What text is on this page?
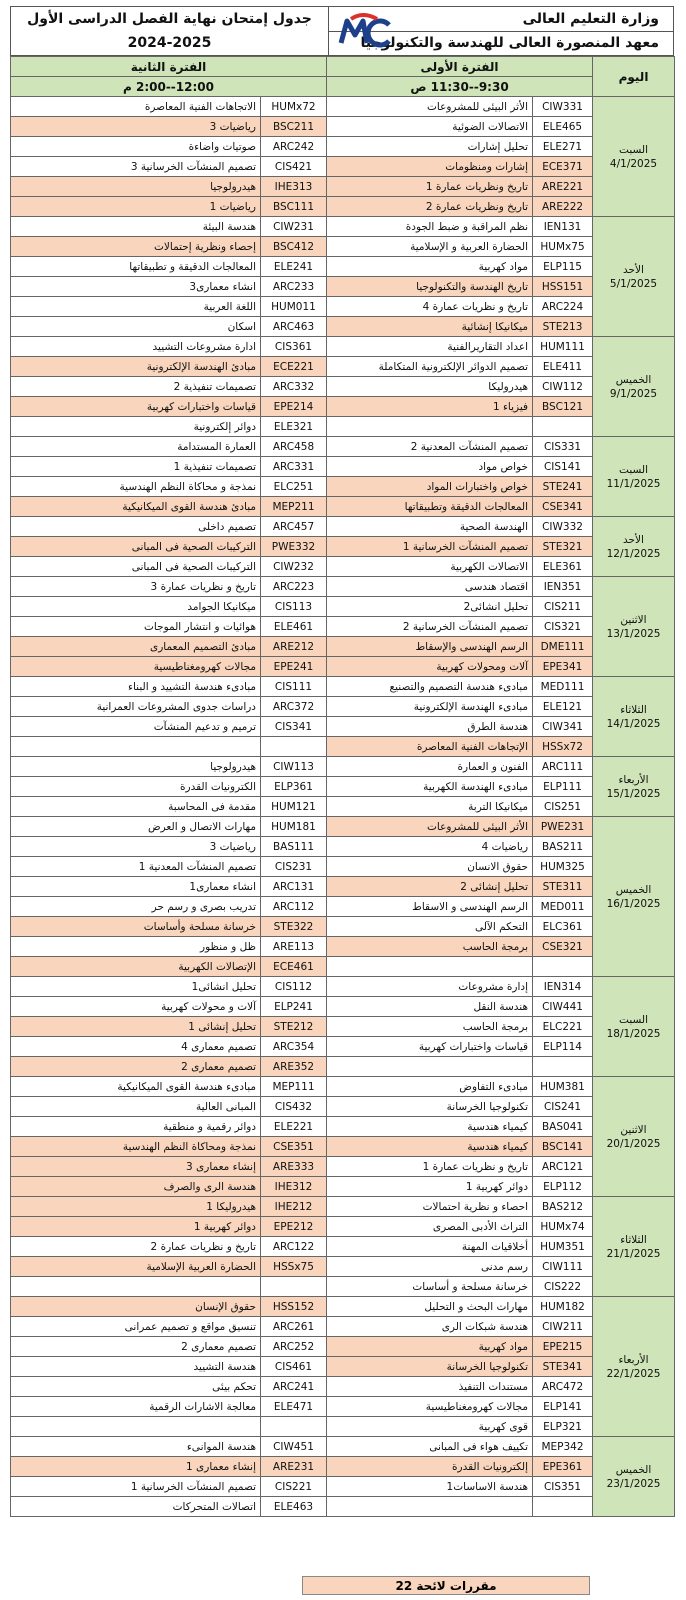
وزارة التعليم العالى
معهد المنصورة العالى للهندسة والتكنولوجيا
جدول إمتحان نهاية الفصل الدراسى الأول
2024-2025
اليوم	الفترة الأولى		الفترة الثانية	
	9:30--11:30 ص		12:00--2:00 م	

السبت
4/1/2025	CIW331	الأثر البيئى للمشروعات	HUMx72	الاتجاهات الفنية المعاصرة
	ELE465	الاتصالات الضوئية	BSC211	رياضيات 3
	ELE271	تحليل إشارات	ARC242	صوتيات واضاءة
	ECE371	إشارات ومنظومات	CIS421	تصميم المنشآت الخرسانية 3
	ARE221	تاريخ ونظريات عمارة 1	IHE313	هيدرولوجيا
	ARE222	تاريخ ونظريات عمارة 2	BSC111	رياضيات 1

الأحد
5/1/2025	IEN131	نظم المراقبة و ضبط الجودة	CIW231	هندسة البيئة
	HUMx75	الحضارة العربية و الإسلامية	BSC412	إحصاء ونظرية إحتمالات
	ELP115	مواد كهربية	ELE241	المعالجات الدقيقة و تطبيقاتها
	HSS151	تاريخ الهندسة والتكنولوجيا	ARC233	انشاء معمارى3
	ARC224	تاريخ و نظريات عمارة 4	HUM011	اللغة العربية
	STE213	ميكانيكا إنشائية	ARC463	اسكان

الخميس
9/1/2025	HUM111	اعداد التقاريرالفنية	CIS361	ادارة مشروعات التشييد
	ELE411	تصميم الدوائر الإلكترونية المتكاملة	ECE221	مبادئ الهندسة الإلكترونية
	CIW112	هيدروليكا	ARC332	تصميمات تنفيذية 2
	BSC121	فيزياء 1	EPE214	قياسات واختبارات كهربية
			ELE321	دوائر إلكترونية

السبت
11/1/2025	CIS331	تصميم المنشآت المعدنية 2	ARC458	العمارة المستدامة
	CIS141	خواص مواد	ARC331	تصميمات تنفيذية 1
	STE241	خواص واختبارات المواد	ELC251	نمذجة و محاكاة النظم الهندسية
	CSE341	المعالجات الدقيقة وتطبيقاتها	MEP211	مبادئ هندسة القوى الميكانيكية

الأحد
12/1/2025	CIW332	الهندسة الصحية	ARC457	تصميم داخلى
	STE321	تصميم المنشآت الخرسانية 1	PWE332	التركيبات الصحية فى المبانى
	ELE361	الاتصالات الكهربية	CIW232	التركيبات الصحية فى المبانى

الاثنين
13/1/2025	IEN351	اقتصاد هندسى	ARC223	تاريخ و نظريات عمارة 3
	CIS211	تحليل انشائى2	CIS113	ميكانيكا الجوامد
	CIS321	تصميم المنشآت الخرسانية 2	ELE461	هوائيات و انتشار الموجات
	DME111	الرسم الهندسى والإسقاط	ARE212	مبادئ التصميم المعمارى
	EPE341	آلات ومحولات كهربية	EPE241	مجالات كهرومغناطيسية

الثلاثاء
14/1/2025	MED111	مبادىء هندسة التصميم والتصنيع	CIS111	مبادىء هندسة التشييد و البناء
	ELE121	مبادىء الهندسة الإلكترونية	ARC372	دراسات جدوى المشروعات العمرانية
	CIW341	هندسة الطرق	CIS341	ترميم و تدعيم المنشآت
	HSSx72	الإتجاهات الفنية المعاصرة		

الأربعاء
15/1/2025	ARC111	الفنون و العمارة	CIW113	هيدرولوجيا
	ELP111	مبادىء الهندسة الكهربية	ELP361	الكترونيات القدرة
	CIS251	ميكانيكا التربة	HUM121	مقدمة فى المحاسبة

الخميس
16/1/2025	PWE231	الأثر البيئى للمشروعات	HUM181	مهارات الاتصال و العرض
	BAS211	رياضيات 4	BAS111	رياضيات 3
	HUM325	حقوق الانسان	CIS231	تصميم المنشآت المعدنية 1
	STE311	تحليل إنشائى 2	ARC131	انشاء معمارى1
	MED011	الرسم الهندسى و الاسقاط	ARC112	تدريب بصرى و رسم حر
	ELC361	التحكم الآلى	STE322	خرسانة مسلحة وأساسات
	CSE321	برمجة الحاسب	ARE113	ظل و منظور
			ECE461	الإتصالات الكهربية

السبت
18/1/2025	IEN314	إدارة مشروعات	CIS112	تحليل انشائى1
	CIW441	هندسة النقل	ELP241	آلات و محولات كهربية
	ELC221	برمجة الحاسب	STE212	تحليل إنشائى 1
	ELP114	قياسات واختبارات كهربية	ARC354	تصميم معمارى 4
			ARE352	تصميم معمارى 2

الاثنين
20/1/2025	HUM381	مبادىء التفاوض	MEP111	مبادىء هندسة القوى الميكانيكية
	CIS241	تكنولوجيا الخرسانة	CIS432	المبانى العالية
	BAS041	كيمياء هندسية	ELE221	دوائر رقمية و منطقية
	BSC141	كيمياء هندسية	CSE351	نمذجة ومحاكاة النظم الهندسية
	ARC121	تاريخ و نظريات عمارة 1	ARE333	إنشاء معمارى 3
	ELP112	دوائر كهربية 1	IHE312	هندسة الرى والصرف

الثلاثاء
21/1/2025	BAS212	احصاء و نظرية احتمالات	IHE212	هيدروليكا 1
	HUMx74	التراث الأدبى المصرى	EPE212	دوائر كهربية 1
	HUM351	أخلاقيات المهنة	ARC122	تاريخ و نظريات عمارة 2
	CIW111	رسم مدنى	HSSx75	الحضارة العربية الإسلامية
	CIS222	خرسانة مسلحة و أساسات		

الأربعاء
22/1/2025	HUM182	مهارات البحث و التحليل	HSS152	حقوق الإنسان
	CIW211	هندسة شبكات الرى	ARC261	تنسيق مواقع و تصميم عمرانى
	EPE215	مواد كهربية	ARC252	تصميم معمارى 2
	STE341	تكنولوجيا الخرسانة	CIS461	هندسة التشييد
	ARC472	مستندات التنفيذ	ARC241	تحكم بيئى
	ELP141	مجالات كهرومغناطيسية	ELE471	معالجة الاشارات الرقمية
	ELP321	قوى كهربية		

الخميس
23/1/2025	MEP342	تكييف هواء فى المبانى	CIW451	هندسة الموانىء
	EPE361	إلكترونيات القدرة	ARE231	إنشاء معمارى 1
	CIS351	هندسة الاساسات1	CIS221	تصميم المنشآت الخرسانية 1
			ELE463	اتصالات المتحركات
مقررات لائحة 22
